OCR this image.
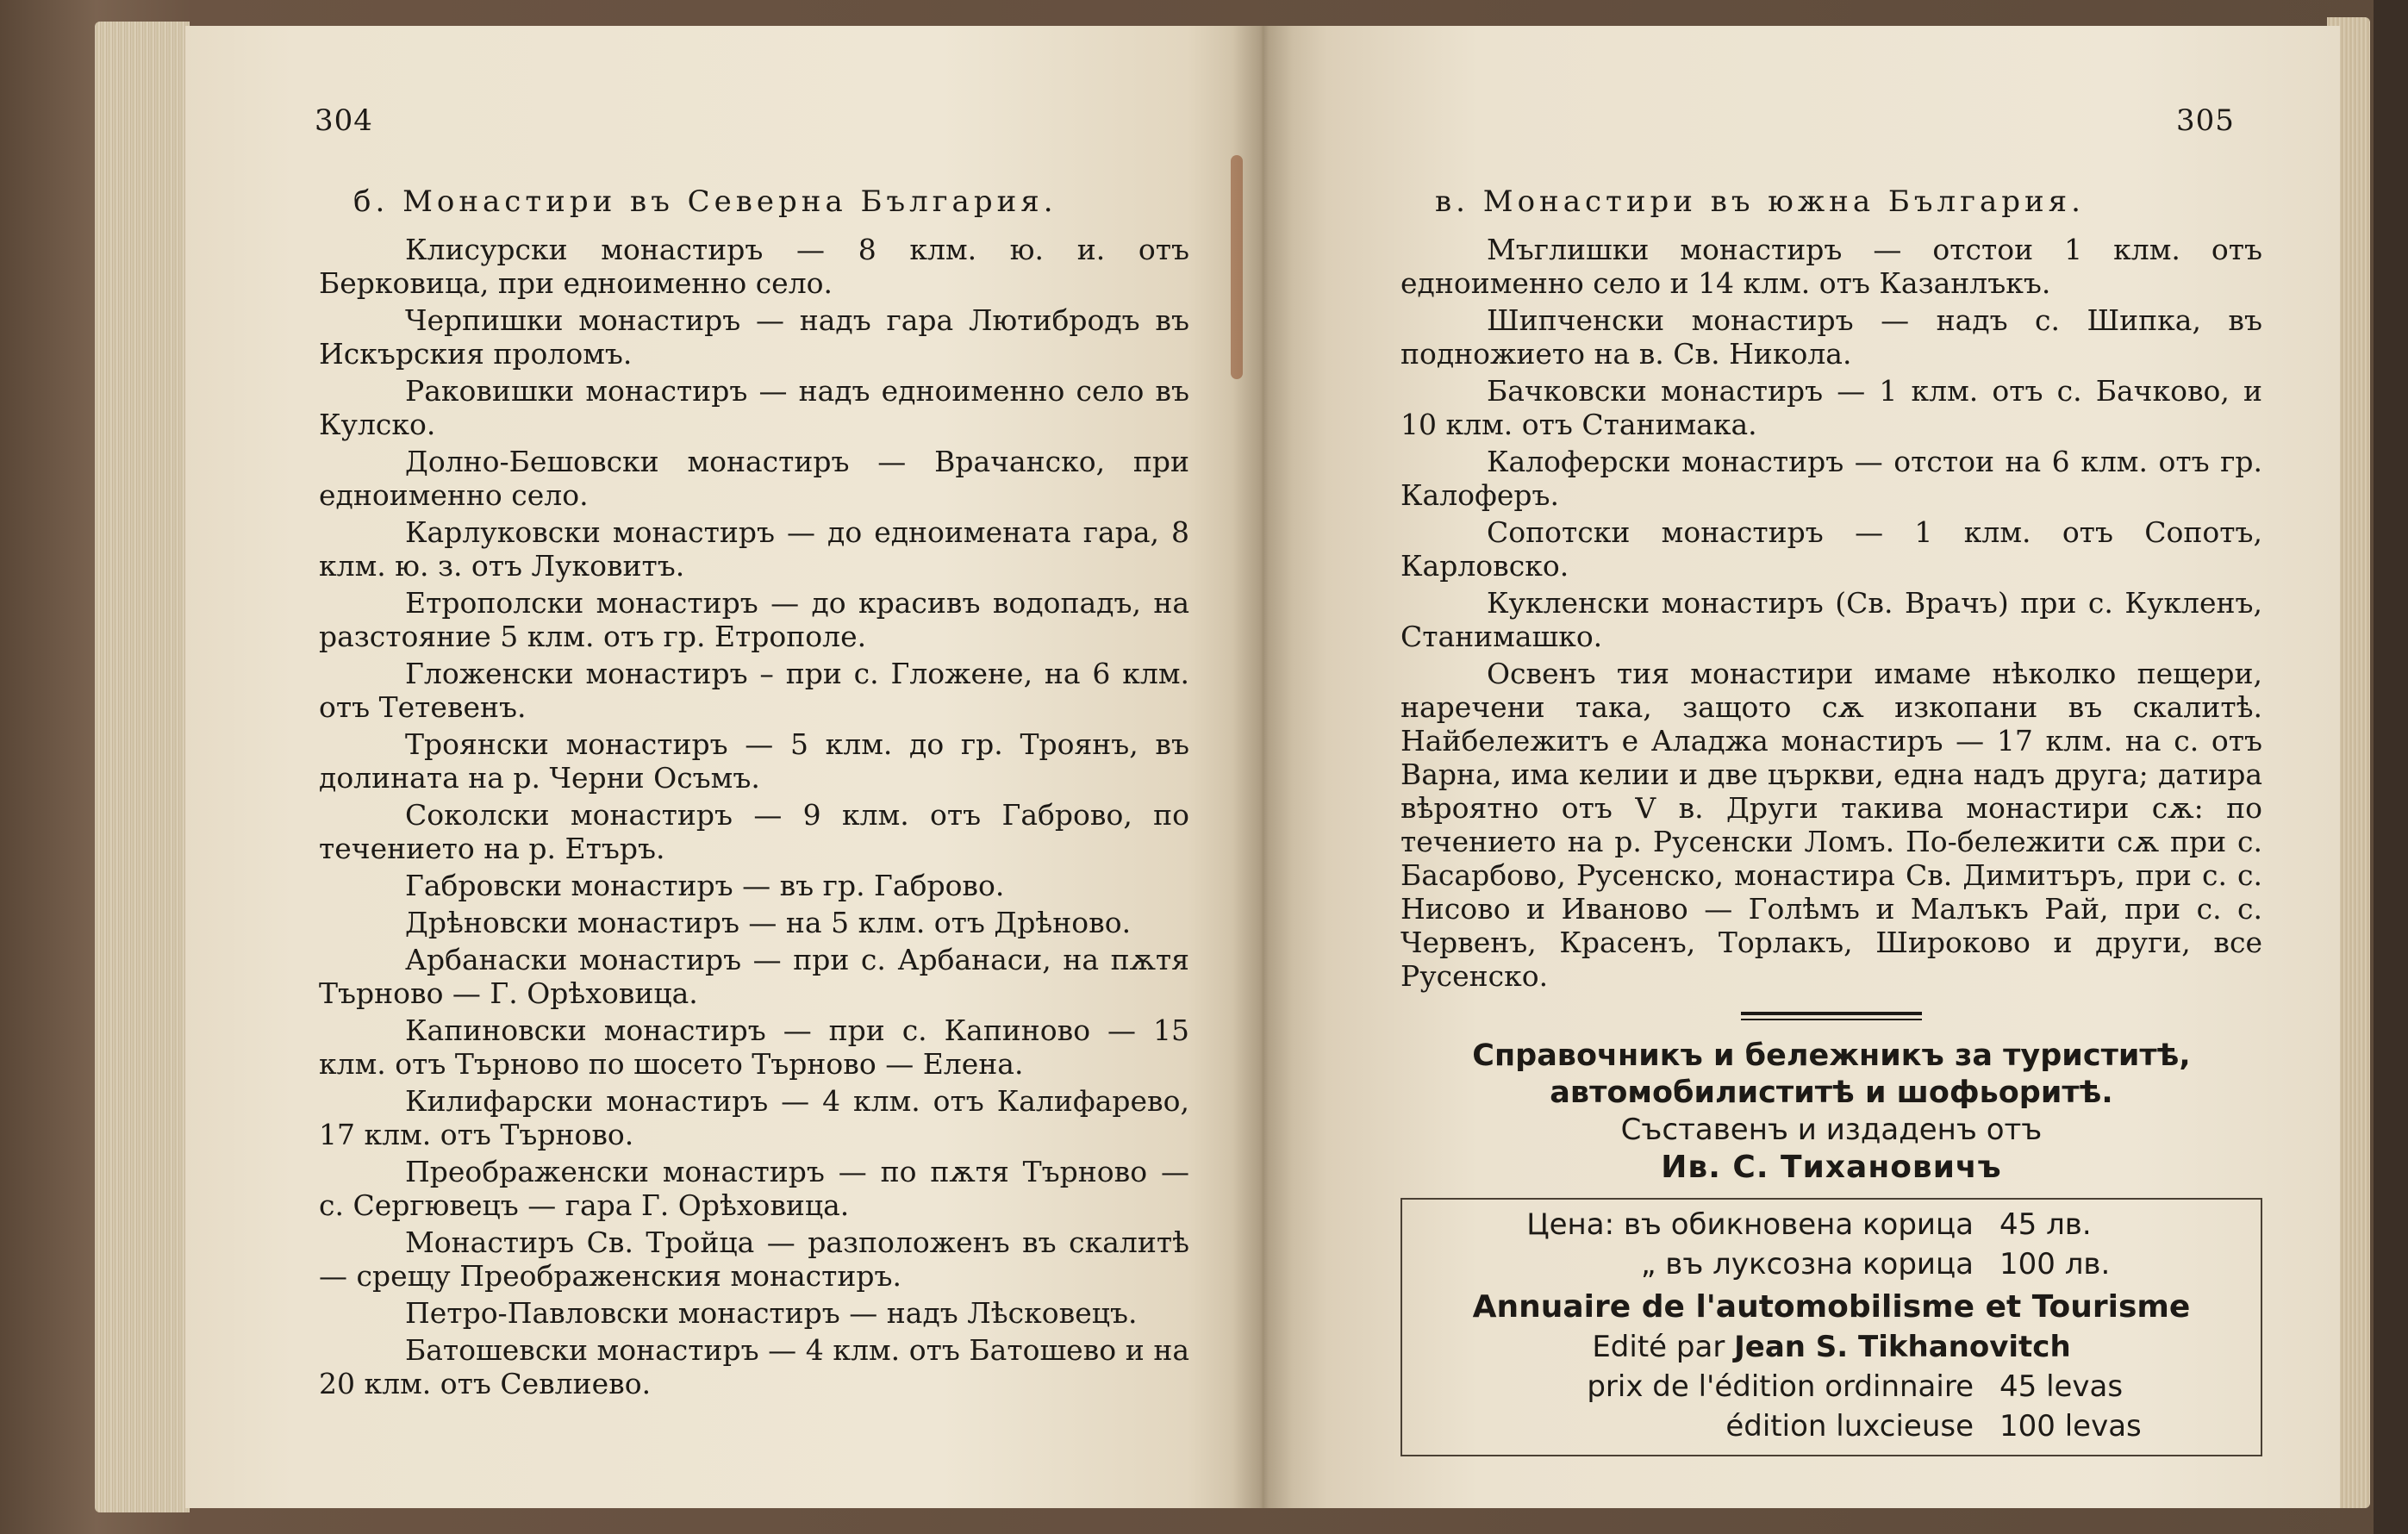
304
б. Монастири въ Северна България.

Клисурски монастиръ — 8 клм. ю. и. отъ Берковица, при едноименно село.

Черпишки монастиръ — надъ гара Лютибродъ въ Искърския проломъ.

Раковишки монастиръ — надъ едноименно село въ Кулско.

Долно-Бешовски монастиръ — Врачанско, при едноименно село.

Карлуковски монастиръ — до едноимената гара, 8 клм. ю. з. отъ Луковитъ.

Етрополски монастиръ — до красивъ водопадъ, на разстояние 5 клм. отъ гр. Етрополе.

Гложенски монастиръ – при с. Гложене, на 6 клм. отъ Тетевенъ.

Троянски монастиръ — 5 клм. до гр. Троянъ, въ долината на р. Черни Осъмъ.

Соколски монастиръ — 9 клм. отъ Габрово, по течението на р. Етъръ.

Габровски монастиръ — въ гр. Габрово.

Дрѣновски монастиръ — на 5 клм. отъ Дрѣново.

Арбанаски монастиръ — при с. Арбанаси, на пѫтя Търново — Г. Орѣховица.

Капиновски монастиръ — при с. Капиново — 15 клм. отъ Търново по шосето Търново — Елена.

Килифарски монастиръ — 4 клм. отъ Калифарево, 17 клм. отъ Търново.

Преображенски монастиръ — по пѫтя Търново — с. Сергювецъ — гара Г. Орѣховица.

Монастиръ Св. Тройца — разположенъ въ скалитѣ — срещу Преображенския монастиръ.

Петро-Павловски монастиръ — надъ Лѣсковецъ.

Батошевски монастиръ — 4 клм. отъ Батошево и на 20 клм. отъ Севлиево.

305
в. Монастири въ южна България.

Мъглишки монастиръ — отстои 1 клм. отъ едноименно село и 14 клм. отъ Казанлъкъ.

Шипченски монастиръ — надъ с. Шипка, въ подножието на в. Св. Никола.

Бачковски монастиръ — 1 клм. отъ с. Бачково, и 10 клм. отъ Станимака.

Калоферски монастиръ — отстои на 6 клм. отъ гр. Калоферъ.

Сопотски монастиръ — 1 клм. отъ Сопотъ, Карловско.

Кукленски монастиръ (Св. Врачъ) при с. Кукленъ, Станимашко.

Освенъ тия монастири имаме нѣколко пещери, наречени така, защото сѫ изкопани въ скалитѣ. Найбележитъ е Аладжа монастиръ — 17 клм. на с. отъ Варна, има келии и две църкви, една надъ друга; датира вѣроятно отъ V в. Други такива монастири сѫ: по течението на р. Русенски Ломъ. По-бележити сѫ при с. Басарбово, Русенско, монастира Св. Димитъръ, при с. с. Нисово и Иваново — Голѣмъ и Малъкъ Рай, при с. с. Червенъ, Красенъ, Торлакъ, Широково и други, все Русенско.

Справочникъ и бележникъ за туриститѣ,
автомобилиститѣ и шофьоритѣ.
Съставенъ и издаденъ отъ
Ив. С. Тихановичъ
Цена: въ обикновена корица 45 лв.
„ въ луксозна корица 100 лв.
Annuaire de l'automobilisme et Tourisme
Edité par Jean S. Tikhanovitch
prix de l'édition ordinnaire 45 levas
édition luxcieuse 100 levas
